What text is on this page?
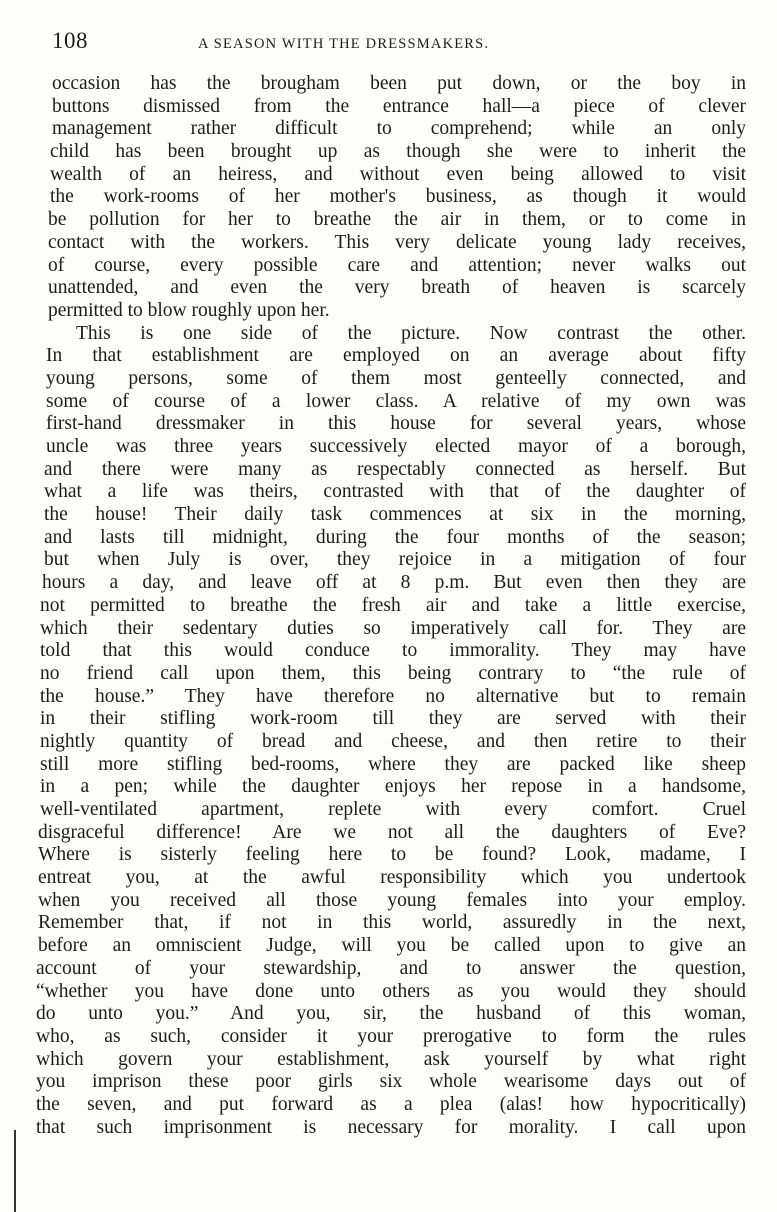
108	A SEASON WITH THE DRESSMAKERS.
occasion has the brougham been put down, or the boy in
buttons dismissed from the entrance hall—a piece of clever
management rather difficult to comprehend; while an only
child has been brought up as though she were to inherit the
wealth of an heiress, and without even being allowed to visit
the work-rooms of her mother's business, as though it would
be pollution for her to breathe the air in them, or to come in
contact with the workers. This very delicate young lady receives,
of course, every possible care and attention; never walks out
unattended, and even the very breath of heaven is scarcely
permitted to blow roughly upon her.
This is one side of the picture. Now contrast the other.
In that establishment are employed on an average about fifty
young persons, some of them most genteelly connected, and
some of course of a lower class. A relative of my own was
first-hand dressmaker in this house for several years, whose
uncle was three years successively elected mayor of a borough,
and there were many as respectably connected as herself. But
what a life was theirs, contrasted with that of the daughter of
the house! Their daily task commences at six in the morning,
and lasts till midnight, during the four months of the season;
but when July is over, they rejoice in a mitigation of four
hours a day, and leave off at 8 p.m. But even then they are
not permitted to breathe the fresh air and take a little exercise,
which their sedentary duties so imperatively call for. They are
told that this would conduce to immorality. They may have
no friend call upon them, this being contrary to “the rule of
the house.” They have therefore no alternative but to remain
in their stifling work-room till they are served with their
nightly quantity of bread and cheese, and then retire to their
still more stifling bed-rooms, where they are packed like sheep
in a pen; while the daughter enjoys her repose in a handsome,
well-ventilated apartment, replete with every comfort. Cruel
disgraceful difference! Are we not all the daughters of Eve?
Where is sisterly feeling here to be found? Look, madame, I
entreat you, at the awful responsibility which you undertook
when you received all those young females into your employ.
Remember that, if not in this world, assuredly in the next,
before an omniscient Judge, will you be called upon to give an
account of your stewardship, and to answer the question,
“whether you have done unto others as you would they should
do unto you.” And you, sir, the husband of this woman,
who, as such, consider it your prerogative to form the rules
which govern your establishment, ask yourself by what right
you imprison these poor girls six whole wearisome days out of
the seven, and put forward as a plea (alas! how hypocritically)
that such imprisonment is necessary for morality. I call upon
